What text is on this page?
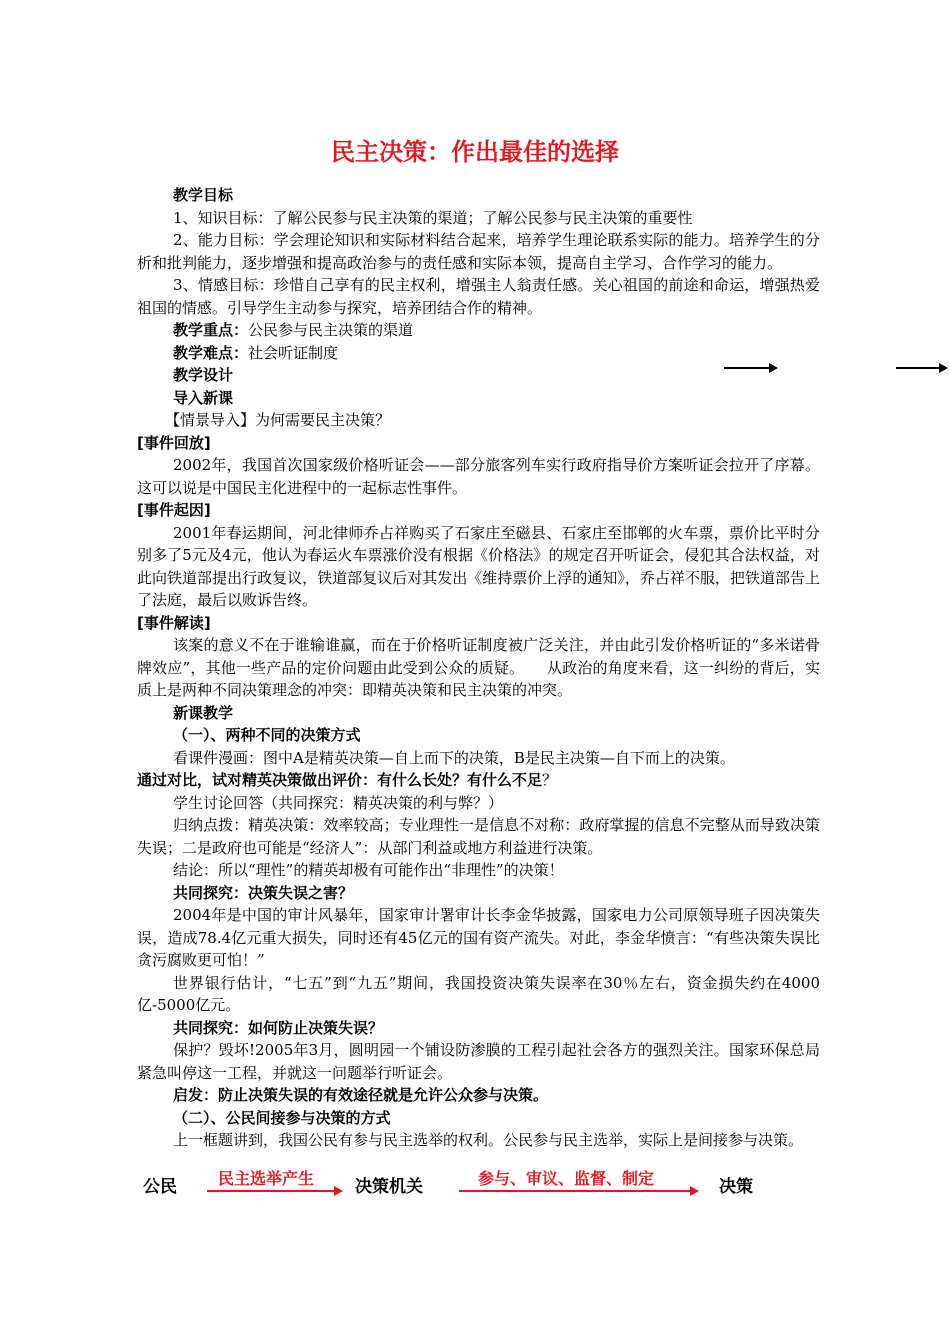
民主决策：作出最佳的选择

教学目标

1、知识目标：了解公民参与民主决策的渠道；了解公民参与民主决策的重要性

2、能力目标：学会理论知识和实际材料结合起来，培养学生理论联系实际的能力。培养学生的分析和批判能力，逐步增强和提高政治参与的责任感和实际本领，提高自主学习、合作学习的能力。

3、情感目标：珍惜自己享有的民主权利，增强主人翁责任感。关心祖国的前途和命运，增强热爱祖国的情感。引导学生主动参与探究，培养团结合作的精神。

教学重点：公民参与民主决策的渠道

教学难点：社会听证制度

教学设计

导入新课

【情景导入】为何需要民主决策？

[事件回放]

2002年，我国首次国家级价格听证会——部分旅客列车实行政府指导价方案听证会拉开了序幕。这可以说是中国民主化进程中的一起标志性事件。

[事件起因]

2001年春运期间，河北律师乔占祥购买了石家庄至磁县、石家庄至邯郸的火车票，票价比平时分别多了5元及4元，他认为春运火车票涨价没有根据《价格法》的规定召开听证会，侵犯其合法权益，对此向铁道部提出行政复议，铁道部复议后对其发出《维持票价上浮的通知》，乔占祥不服，把铁道部告上了法庭，最后以败诉告终。

[事件解读]

该案的意义不在于谁输谁赢，而在于价格听证制度被广泛关注，并由此引发价格听证的“多米诺骨牌效应”，其他一些产品的定价问题由此受到公众的质疑。　　从政治的角度来看，这一纠纷的背后，实质上是两种不同决策理念的冲突：即精英决策和民主决策的冲突。

新课教学

（一）、两种不同的决策方式

看课件漫画：图中A是精英决策—自上而下的决策，B是民主决策—自下而上的决策。

通过对比，试对精英决策做出评价：有什么长处？有什么不足？

学生讨论回答（共同探究：精英决策的利与弊？）

归纳点拨：精英决策：效率较高；专业理性一是信息不对称：政府掌握的信息不完整从而导致决策失误；二是政府也可能是“经济人”：从部门利益或地方利益进行决策。

结论：所以“理性”的精英却极有可能作出“非理性”的决策！

共同探究：决策失误之害？

2004年是中国的审计风暴年，国家审计署审计长李金华披露，国家电力公司原领导班子因决策失误，造成78.4亿元重大损失，同时还有45亿元的国有资产流失。对此，李金华愤言：“有些决策失误比贪污腐败更可怕！”

世界银行估计，“七五”到“九五”期间，我国投资决策失误率在30％左右，资金损失约在4000亿-5000亿元。

共同探究：如何防止决策失误？

保护？毁坏!2005年3月，圆明园一个铺设防渗膜的工程引起社会各方的强烈关注。国家环保总局紧急叫停这一工程，并就这一问题举行听证会。

启发：防止决策失误的有效途径就是允许公众参与决策。

（二）、公民间接参与决策的方式

上一框题讲到，我国公民有参与民主选举的权利。公民参与民主选举，实际上是间接参与决策。

公民	民主选举产生 决策机关	参与、审议、监督、制定	决策
